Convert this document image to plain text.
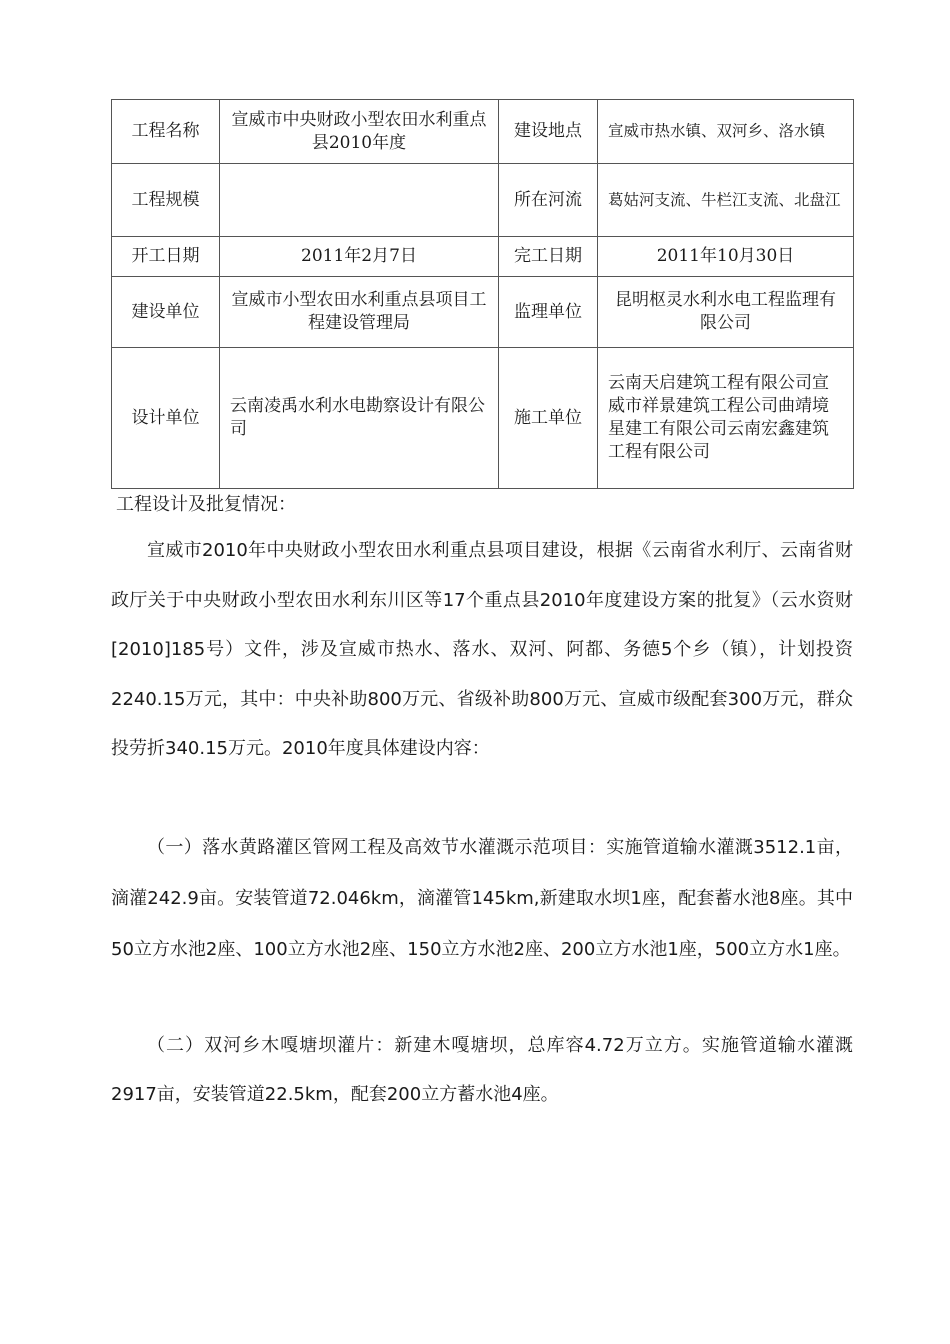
工程名称	宣威市中央财政小型农田水利重点县2010年度	建设地点	宣威市热水镇、双河乡、洛水镇
工程规模		所在河流	葛姑河支流、牛栏江支流、北盘江
开工日期	2011年2月7日	完工日期	2011年10月30日
建设单位	宣威市小型农田水利重点县项目工程建设管理局	监理单位	昆明枢灵水利水电工程监理有限公司
设计单位	云南凌禹水利水电勘察设计有限公司	施工单位	云南天启建筑工程有限公司宣威市祥景建筑工程公司曲靖境星建工有限公司云南宏鑫建筑工程有限公司
工程设计及批复情况：

宣威市2010年中央财政小型农田水利重点县项目建设，根据《云南省水利厅、云南省财政厅关于中央财政小型农田水利东川区等17个重点县2010年度建设方案的批复》（云水资财[2010]185号）文件，涉及宣威市热水、落水、双河、阿都、务德5个乡（镇），计划投资2240.15万元，其中：中央补助800万元、省级补助800万元、宣威市级配套300万元，群众投劳折340.15万元。2010年度具体建设内容：

（一）落水黄路灌区管网工程及高效节水灌溉示范项目：实施管道输水灌溉3512.1亩，滴灌242.9亩。安装管道72.046km，滴灌管145km,新建取水坝1座，配套蓄水池8座。其中50立方水池2座、100立方水池2座、150立方水池2座、200立方水池1座，500立方水1座。

（二）双河乡木嘎塘坝灌片：新建木嘎塘坝，总库容4.72万立方。实施管道输水灌溉2917亩，安装管道22.5km，配套200立方蓄水池4座。
